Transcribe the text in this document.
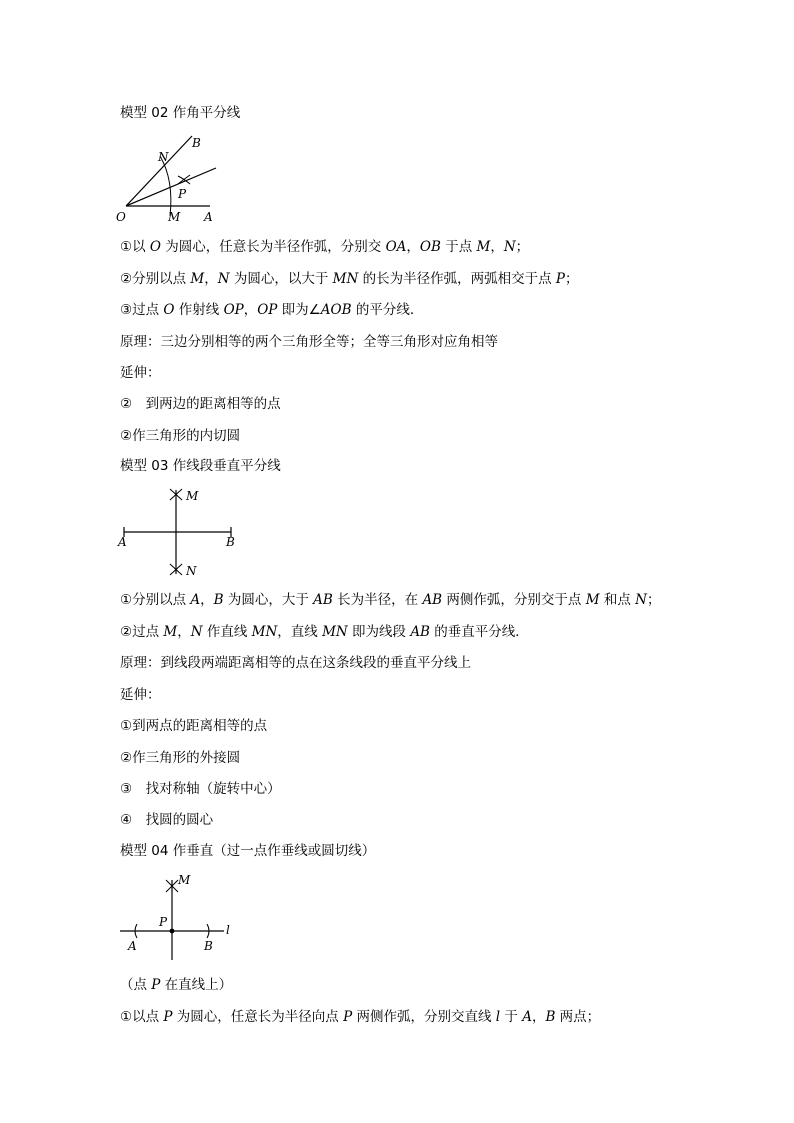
模型 02 作角平分线
O	M A
N
B
P
①以 O 为圆心，任意长为半径作弧，分别交 OA，OB 于点 M，N；
②分别以点 M，N 为圆心，以大于 MN 的长为半径作弧，两弧相交于点 P；
③过点 O 作射线 OP，OP 即为∠AOB 的平分线．
原理：三边分别相等的两个三角形全等；全等三角形对应角相等
延伸：
②　到两边的距离相等的点
②作三角形的内切圆
模型 03 作线段垂直平分线
M
A	B
N
①分别以点 A，B 为圆心，大于 AB 长为半径，在 AB 两侧作弧，分别交于点 M 和点 N；
②过点 M，N 作直线 MN，直线 MN 即为线段 AB 的垂直平分线．
原理：到线段两端距离相等的点在这条线段的垂直平分线上
延伸：
①到两点的距离相等的点
②作三角形的外接圆
③　找对称轴（旋转中心）
④　找圆的圆心
模型 04 作垂直（过一点作垂线或圆切线）
M
P
l
A	B
（点 P 在直线上）
①以点 P 为圆心，任意长为半径向点 P 两侧作弧，分别交直线 l 于 A，B 两点；
